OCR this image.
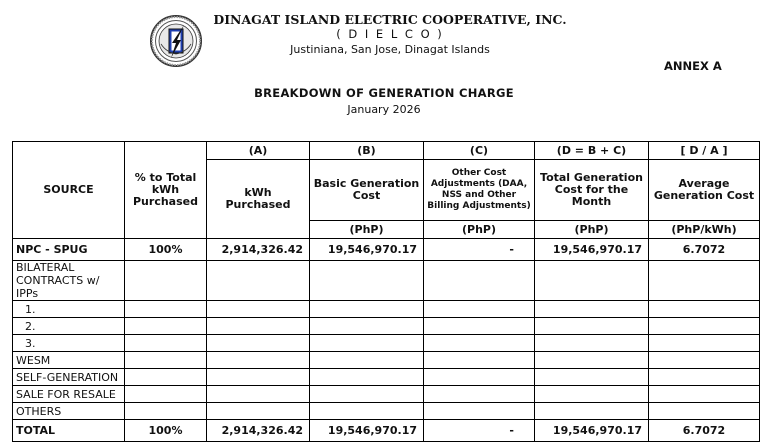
DINAGAT ISLAND ELECTRIC COOPERATIVE, INC.
( D I E L C O )
Justiniana, San Jose, Dinagat Islands
ANNEX A
BREAKDOWN OF GENERATION CHARGE
January 2026
SOURCE	% to Total kWh Purchased	(A)	(B)	(C)	(D = B + C)	[ D / A ]
		kWh Purchased	Basic Generation Cost	Other Cost Adjustments (DAA, NSS and Other Billing Adjustments)	Total Generation Cost for the Month	Average Generation Cost
			(PhP)	(PhP)	(PhP)	(PhP/kWh)
NPC - SPUG	100%	2,914,326.42	19,546,970.17	-	19,546,970.17	6.7072
BILATERAL CONTRACTS w/ IPPs						
1.						
2.						
3.						
WESM						
SELF-GENERATION						
SALE FOR RESALE						
OTHERS						
TOTAL	100%	2,914,326.42	19,546,970.17	-	19,546,970.17	6.7072
